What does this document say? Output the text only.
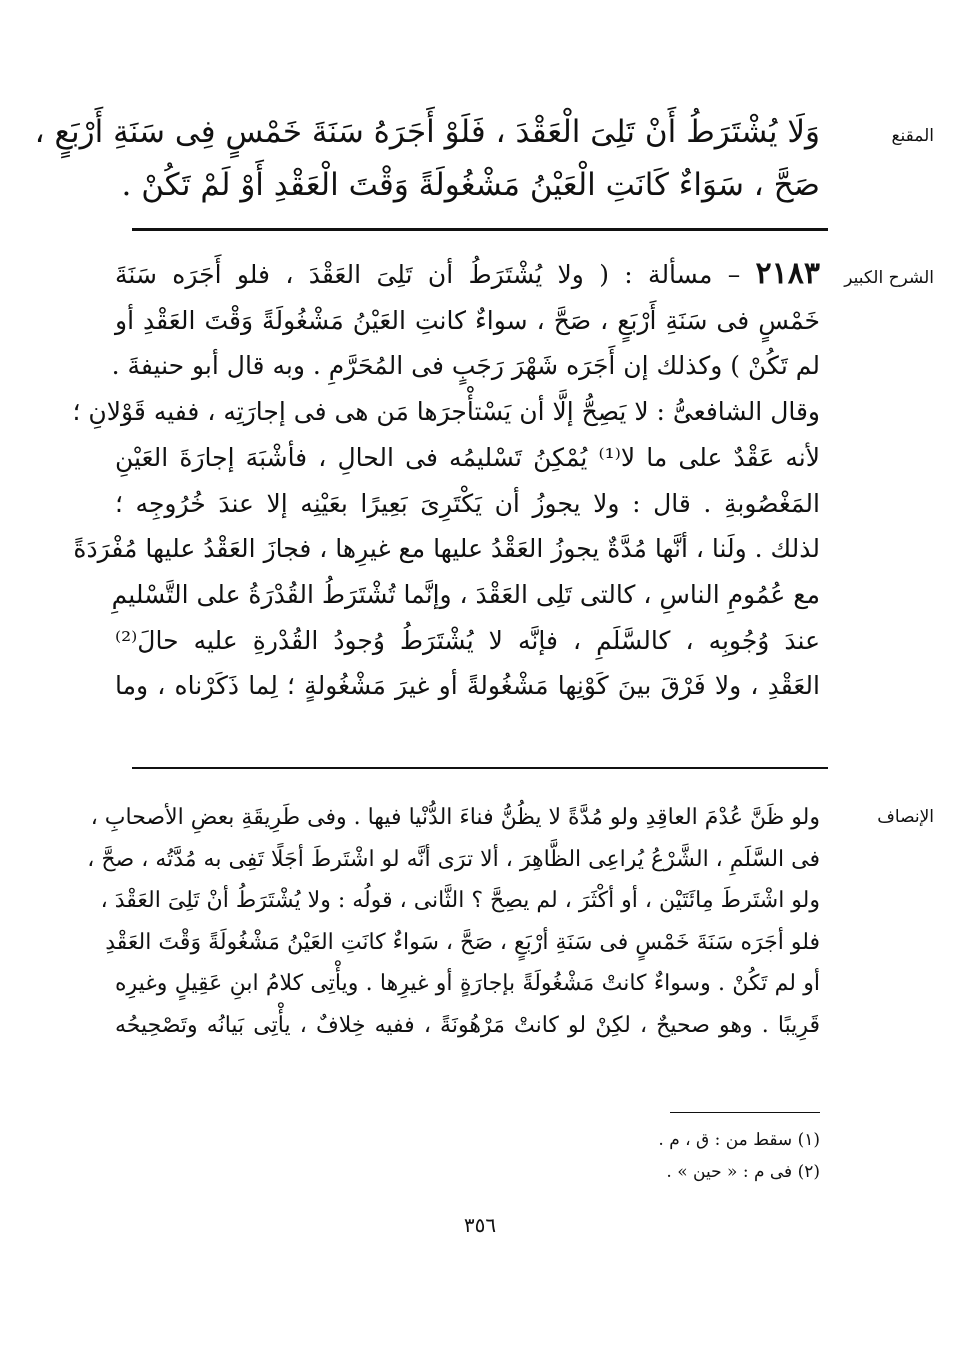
المقنع

وَلَا يُشْتَرَطُ أَنْ تَلِىَ الْعَقْدَ ، فَلَوْ أَجَرَهُ سَنَةَ خَمْسٍ فِى سَنَةِ أَرْبَعٍ ،

صَحَّ ، سَوَاءٌ كَانَتِ الْعَيْنُ مَشْغُولَةً وَقْتَ الْعَقْدِ أَوْ لَمْ تَكُنْ .

الشرح الكبير

٢١٨٣ – مسألة : ( ولا يُشْتَرَطُ أن تَلِىَ العَقْدَ ، فلو أَجَرَه سَنَةَ

خَمْسٍ فى سَنَةِ أَرْبَعٍ ، صَحَّ ، سواءٌ كانتِ العَيْنُ مَشْغُولَةً وَقْتَ العَقْدِ أو

لم تَكُنْ ) وكذلك إن أَجَرَه شَهْرَ رَجَبٍ فى المُحَرَّمِ . وبه قال أبو حنيفةَ .

وقال الشافعىُّ : لا يَصِحُّ إلَّا أن يَسْتأْجرَها مَن هى فى إجارَتِه ، ففيه قَوْلانِ ؛

لأنه عَقْدٌ على ما لا⁽¹⁾ يُمْكِنُ تَسْليمُه فى الحالِ ، فأشْبَهَ إجارَةَ العَيْنِ

المَغْصُوبةِ . قال : ولا يجوزُ أن يَكْتَرِىَ بَعِيرًا بعَيْنِه إلا عندَ خُرُوجِه ؛

لذلك . ولَنا ، أنَّها مُدَّةٌ يجوزُ العَقْدُ عليها مع غيرِها ، فجازَ العَقْدُ عليها مُفْرَدَةً

مع عُمُومِ الناسِ ، كالتى تَلِى العَقْدَ ، وإنَّما تُشْتَرَطُ القُدْرَةُ على التَّسْليمِ

عندَ وُجُوبِه ، كالسَّلَمِ ، فإنَّه لا يُشْتَرَطُ وُجودُ القُدْرةِ عليه حالَ⁽²⁾

العَقْدِ ، ولا فَرْقَ بينَ كَوْنِها مَشْغُولةً أو غيرَ مَشْغُولةٍ ؛ لِما ذَكَرْناه ، وما

الإنصاف

ولو ظَنَّ عُدْمَ العاقِدِ ولو مُدَّةً لا يظُنُّ فناءَ الدُّنْيا فيها . وفى طَرِيقَةِ بعضِ الأصحابِ ،

فى السَّلَمِ ، الشَّرْعُ يُراعِى الظَّاهِرَ ، ألا ترَى أنَّه لو اشْتَرطَ أجَلًا تَفِى به مُدَّتُه ، صحَّ ،

ولو اشْتَرطَ مِائَتَيْن ، أو أكْثَرَ ، لم يصِحَّ ؟ الثَّانى ، قولُه : ولا يُشْتَرَطُ أنْ تَلِىَ العَقْدَ ،

فلو أجَرَه سَنَةَ خَمْسٍ فى سَنَةِ أرْبَعٍ ، صَحَّ ، سَواءٌ كانَتِ العَيْنُ مَشْغُولَةً وَقْتَ العَقْدِ

أو لم تَكُنْ . وسواءٌ كانتْ مَشْغُولَةً بإجارَةٍ أو غيرِها . ويأْتِى كلامُ ابنِ عَقِيلٍ وغيرِه

قَرِيبًا . وهو صحيحٌ ، لكِنْ لو كانتْ مَرْهُونَةً ، ففيه خِلافٌ ، يأْتِى بَيانُه وتَصْحِيحُه

(١) سقط من : ق ، م .

(٢) فى م : « حين » .

٣٥٦
